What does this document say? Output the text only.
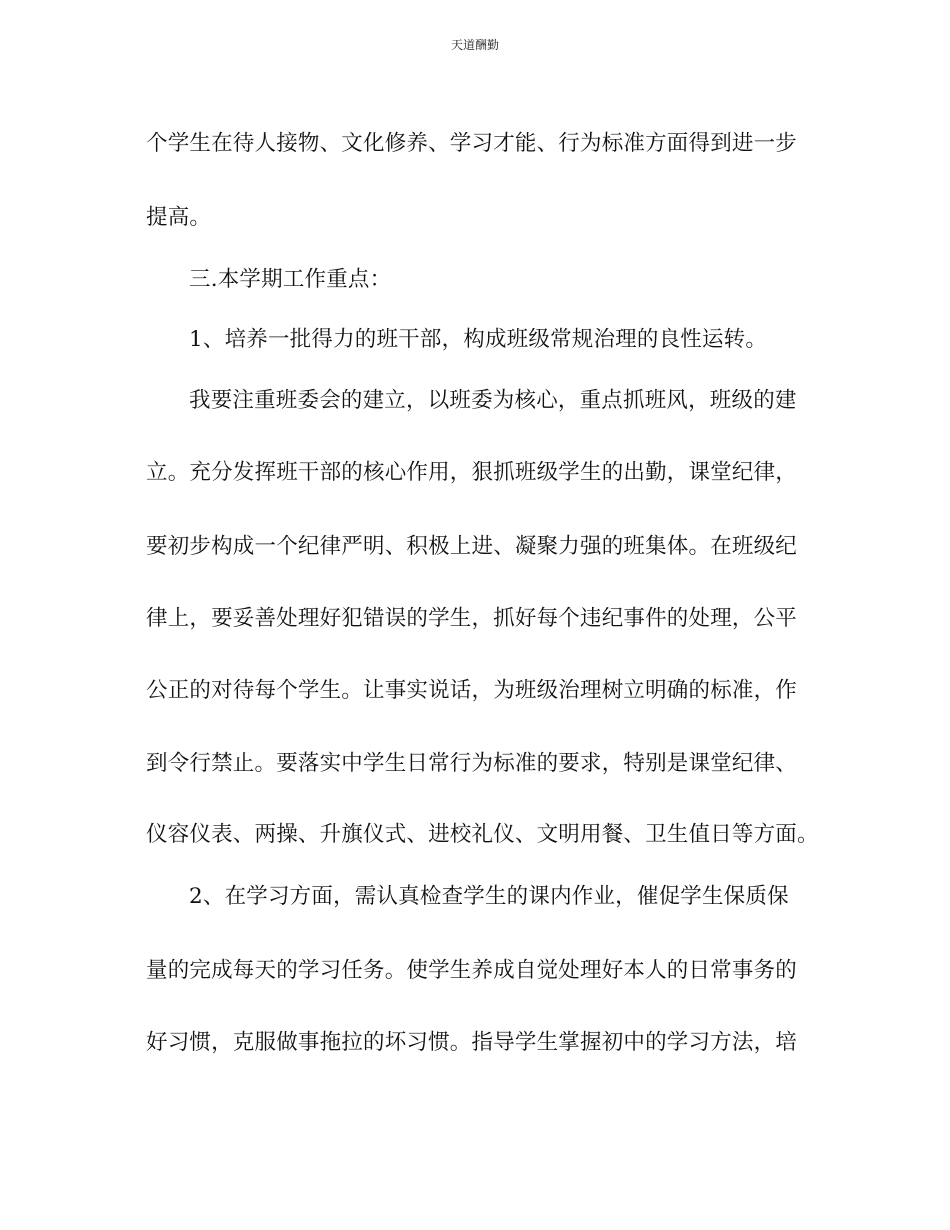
天道酬勤
个学生在待人接物、文化修养、学习才能、行为标准方面得到进一步
提高。
三.本学期工作重点：
1、培养一批得力的班干部，构成班级常规治理的良性运转。
我要注重班委会的建立，以班委为核心，重点抓班风，班级的建
立。充分发挥班干部的核心作用，狠抓班级学生的出勤，课堂纪律，
要初步构成一个纪律严明、积极上进、凝聚力强的班集体。在班级纪
律上，要妥善处理好犯错误的学生，抓好每个违纪事件的处理，公平
公正的对待每个学生。让事实说话，为班级治理树立明确的标准，作
到令行禁止。要落实中学生日常行为标准的要求，特别是课堂纪律、
仪容仪表、两操、升旗仪式、进校礼仪、文明用餐、卫生值日等方面。
2、在学习方面，需认真检查学生的课内作业，催促学生保质保
量的完成每天的学习任务。使学生养成自觉处理好本人的日常事务的
好习惯，克服做事拖拉的坏习惯。指导学生掌握初中的学习方法，培
